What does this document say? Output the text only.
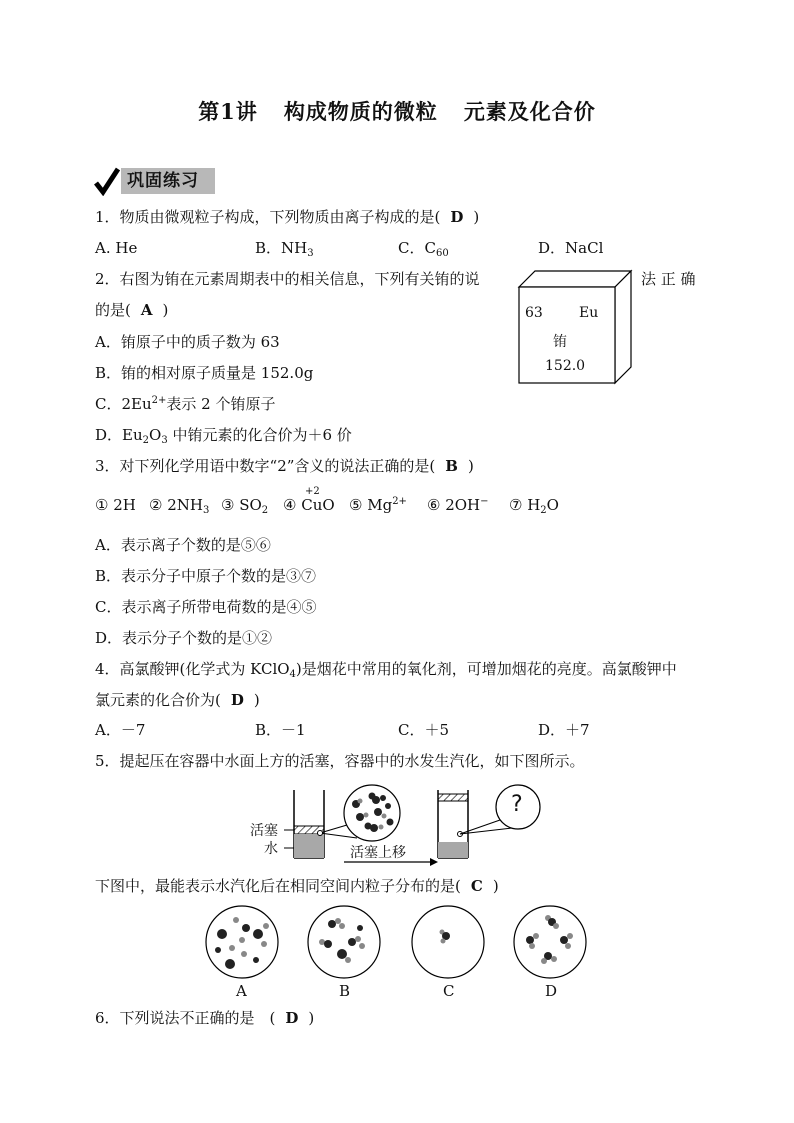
第1讲 构成物质的微粒 元素及化合价
巩固练习
1．物质由微观粒子构成，下列物质由离子构成的是( D )
A. He	B．$NH_3$	C．$C_{60}$	D．NaCl
2．右图为铕在元素周期表中的相关信息，下列有关铕的说	法 正 确
的是( A )
A．铕原子中的质子数为 63
B．铕的相对原子质量是 152.0g
C．$2Eu^{2+}$表示 2 个铕原子
D．$Eu_2O_3$ 中铕元素的化合价为＋6 价
63	Eu
铕
152.0
3．对下列化学用语中数字“2”含义的说法正确的是( B )
① 2H ② $2NH_3$ ③ $SO_2$ ④ CuO
+2
⑤ $Mg^{2+}$ ⑥ 2OH− ⑦ $H_2O$
A．表示离子个数的是⑤⑥
B．表示分子中原子个数的是③⑦
C．表示离子所带电荷数的是④⑤
D．表示分子个数的是①②
4．高氯酸钾(化学式为 KClO$_4$)是烟花中常用的氧化剂，可增加烟花的亮度。高氯酸钾中
氯元素的化合价为( D )
A．－7	B．－1	C．＋5	D．＋7
5．提起压在容器中水面上方的活塞，容器中的水发生汽化，如下图所示。
活塞
水	活塞上移
?
下图中，最能表示水汽化后在相同空间内粒子分布的是( C )
A	B	C	D
6．下列说法不正确的是　( D )
